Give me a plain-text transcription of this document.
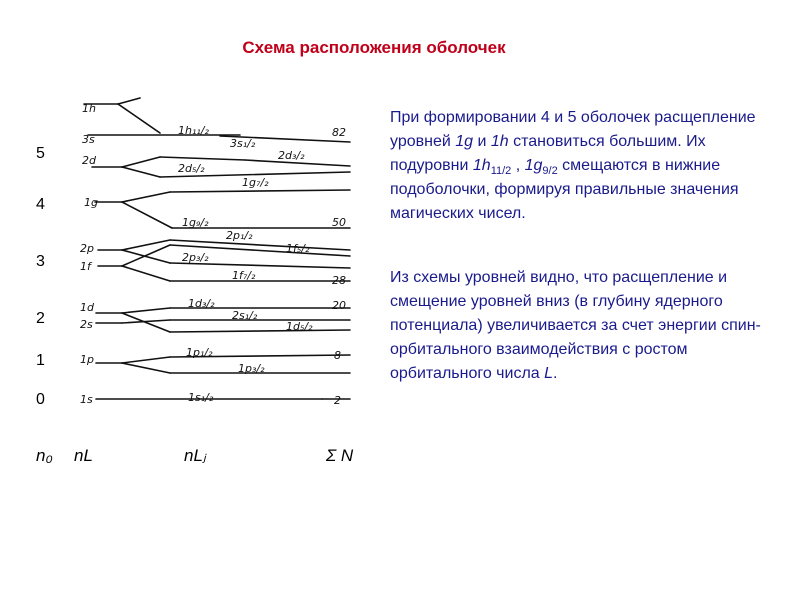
Схема расположения оболочек
5
4
3
2
1
0
1h
3s
2d
1g
2p
1f
1d
2s
1p
1s
1h₁₁/₂
3s₁/₂
2d₃/₂
2d₅/₂
1g₇/₂
1g₉/₂
2p₁/₂
1f₅/₂
2p₃/₂
1f₇/₂
1d₃/₂
2s₁/₂
1d₅/₂
1p₁/₂
1p₃/₂
1s₁/₂
82
50
28
20
8
2
n₀ nL	nLⱼ	Σ N
При формировании 4 и 5 оболочек расщепление уровней 1g и 1h становиться большим. Их подуровни $1h_{11/2}$ , $1g_{9/2}$ смещаются в нижние подоболочки, формируя правильные значения магических чисел.
Из схемы уровней видно, что расщепление и смещение уровней вниз (в глубину ядерного потенциала) увеличивается за счет энергии спин-орбитального взаимодействия с ростом орбитального числа L.
